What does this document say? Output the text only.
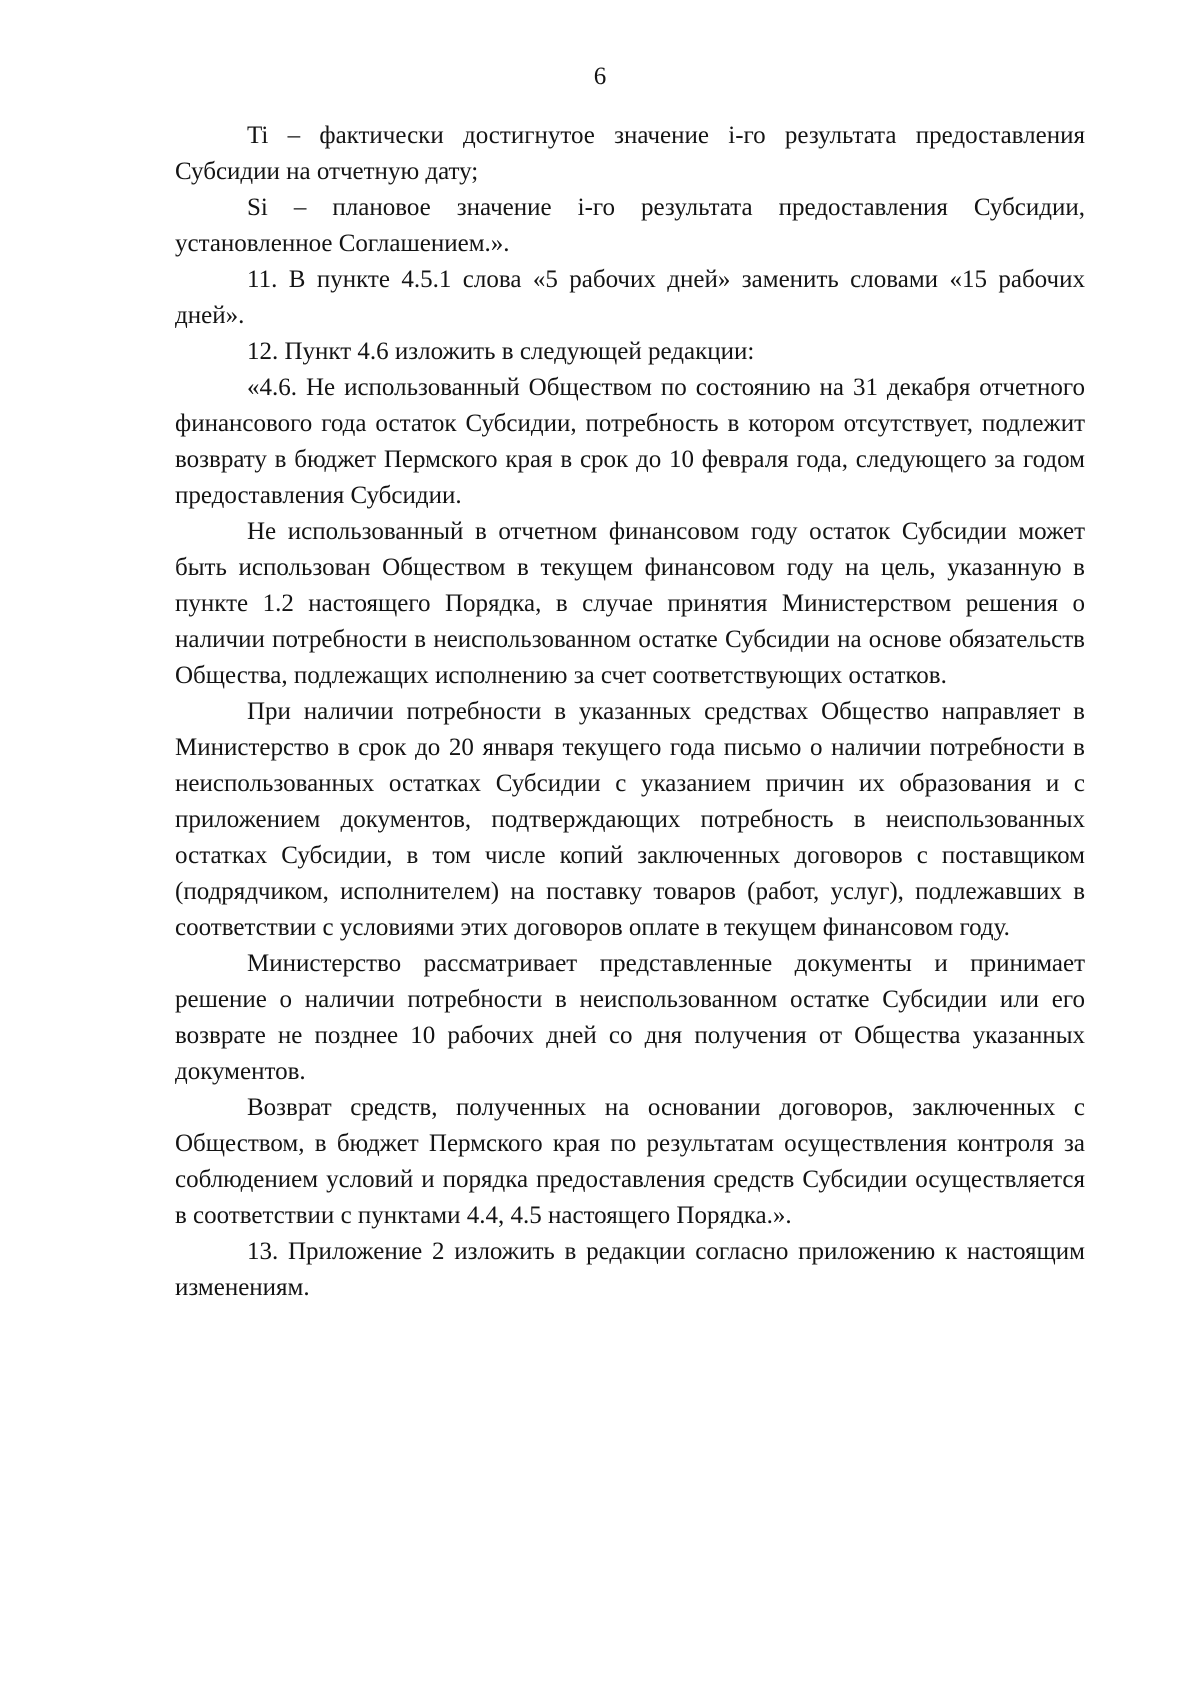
6

Ti – фактически достигнутое значение i-го результата предоставления Субсидии на отчетную дату;

Si – плановое значение i-го результата предоставления Субсидии, установленное Соглашением.».

11. В пункте 4.5.1 слова «5 рабочих дней» заменить словами «15 рабочих дней».

12. Пункт 4.6 изложить в следующей редакции:

«4.6. Не использованный Обществом по состоянию на 31 декабря отчетного финансового года остаток Субсидии, потребность в котором отсутствует, подлежит возврату в бюджет Пермского края в срок до 10 февраля года, следующего за годом предоставления Субсидии.

Не использованный в отчетном финансовом году остаток Субсидии может быть использован Обществом в текущем финансовом году на цель, указанную в пункте 1.2 настоящего Порядка, в случае принятия Министерством решения о наличии потребности в неиспользованном остатке Субсидии на основе обязательств Общества, подлежащих исполнению за счет соответствующих остатков.

При наличии потребности в указанных средствах Общество направляет в Министерство в срок до 20 января текущего года письмо о наличии потребности в неиспользованных остатках Субсидии с указанием причин их образования и с приложением документов, подтверждающих потребность в неиспользованных остатках Субсидии, в том числе копий заключенных договоров с поставщиком (подрядчиком, исполнителем) на поставку товаров (работ, услуг), подлежавших в соответствии с условиями этих договоров оплате в текущем финансовом году.

Министерство рассматривает представленные документы и принимает решение о наличии потребности в неиспользованном остатке Субсидии или его возврате не позднее 10 рабочих дней со дня получения от Общества указанных документов.

Возврат средств, полученных на основании договоров, заключенных с Обществом, в бюджет Пермского края по результатам осуществления контроля за соблюдением условий и порядка предоставления средств Субсидии осуществляется в соответствии с пунктами 4.4, 4.5 настоящего Порядка.».

13. Приложение 2 изложить в редакции согласно приложению к настоящим изменениям.
